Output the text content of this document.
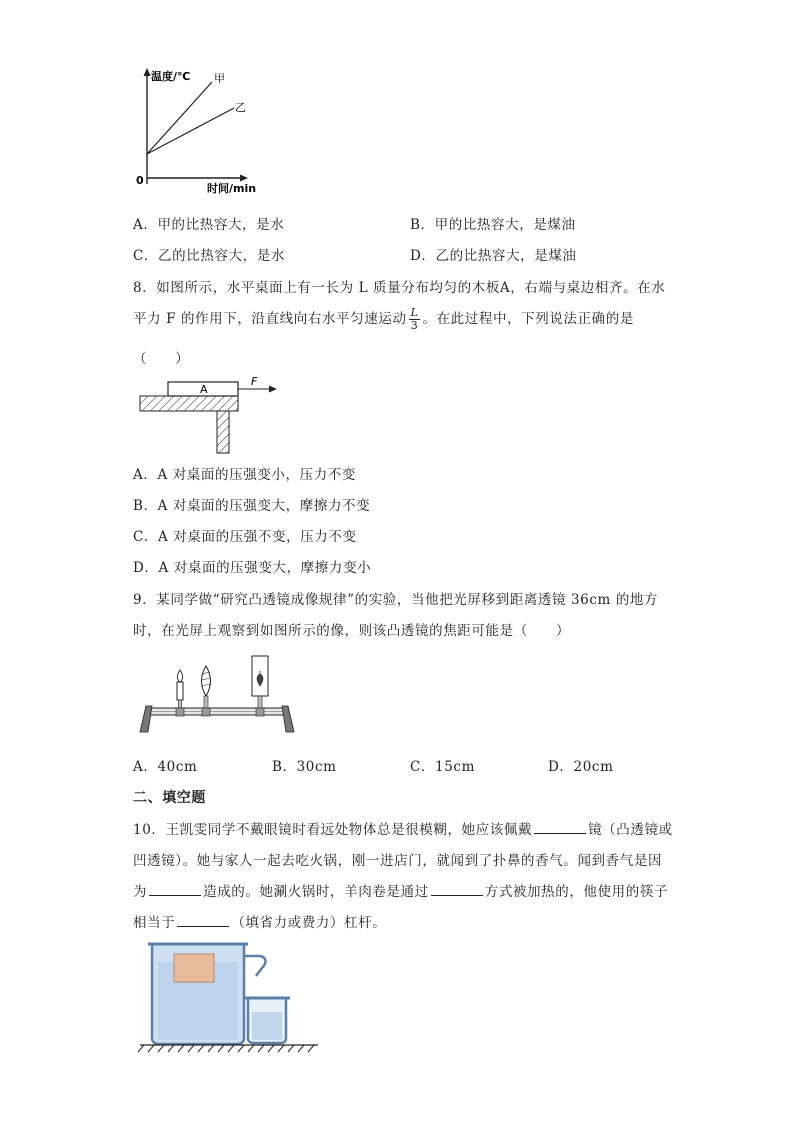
温度/℃ 甲
乙
0
时间/min
A．甲的比热容大，是水	B．甲的比热容大，是煤油
C．乙的比热容大，是水	D．乙的比热容大，是煤油
8．如图所示，水平桌面上有一长为 L 质量分布均匀的木板A，右端与桌边相齐。在水
平力 F 的作用下，沿直线向右水平匀速运动 $\frac{L}{3}$ 。在此过程中，下列说法正确的是
（　　）
A
F
A．A 对桌面的压强变小，压力不变
B．A 对桌面的压强变大，摩擦力不变
C．A 对桌面的压强不变，压力不变
D．A 对桌面的压强变大，摩擦力变小
9．某同学做“研究凸透镜成像规律”的实验，当他把光屏移到距离透镜 36cm 的地方
时，在光屏上观察到如图所示的像，则该凸透镜的焦距可能是（　　）
A．40cm	B．30cm	C．15cm	D．20cm
二、填空题
10．王凯雯同学不戴眼镜时看远处物体总是很模糊，她应该佩戴	镜（凸透镜或
凹透镜）。她与家人一起去吃火锅，刚一进店门，就闻到了扑鼻的香气。闻到香气是因
为	造成的。她涮火锅时，羊肉卷是通过	方式被加热的，他使用的筷子
相当于	（填省力或费力）杠杆。
